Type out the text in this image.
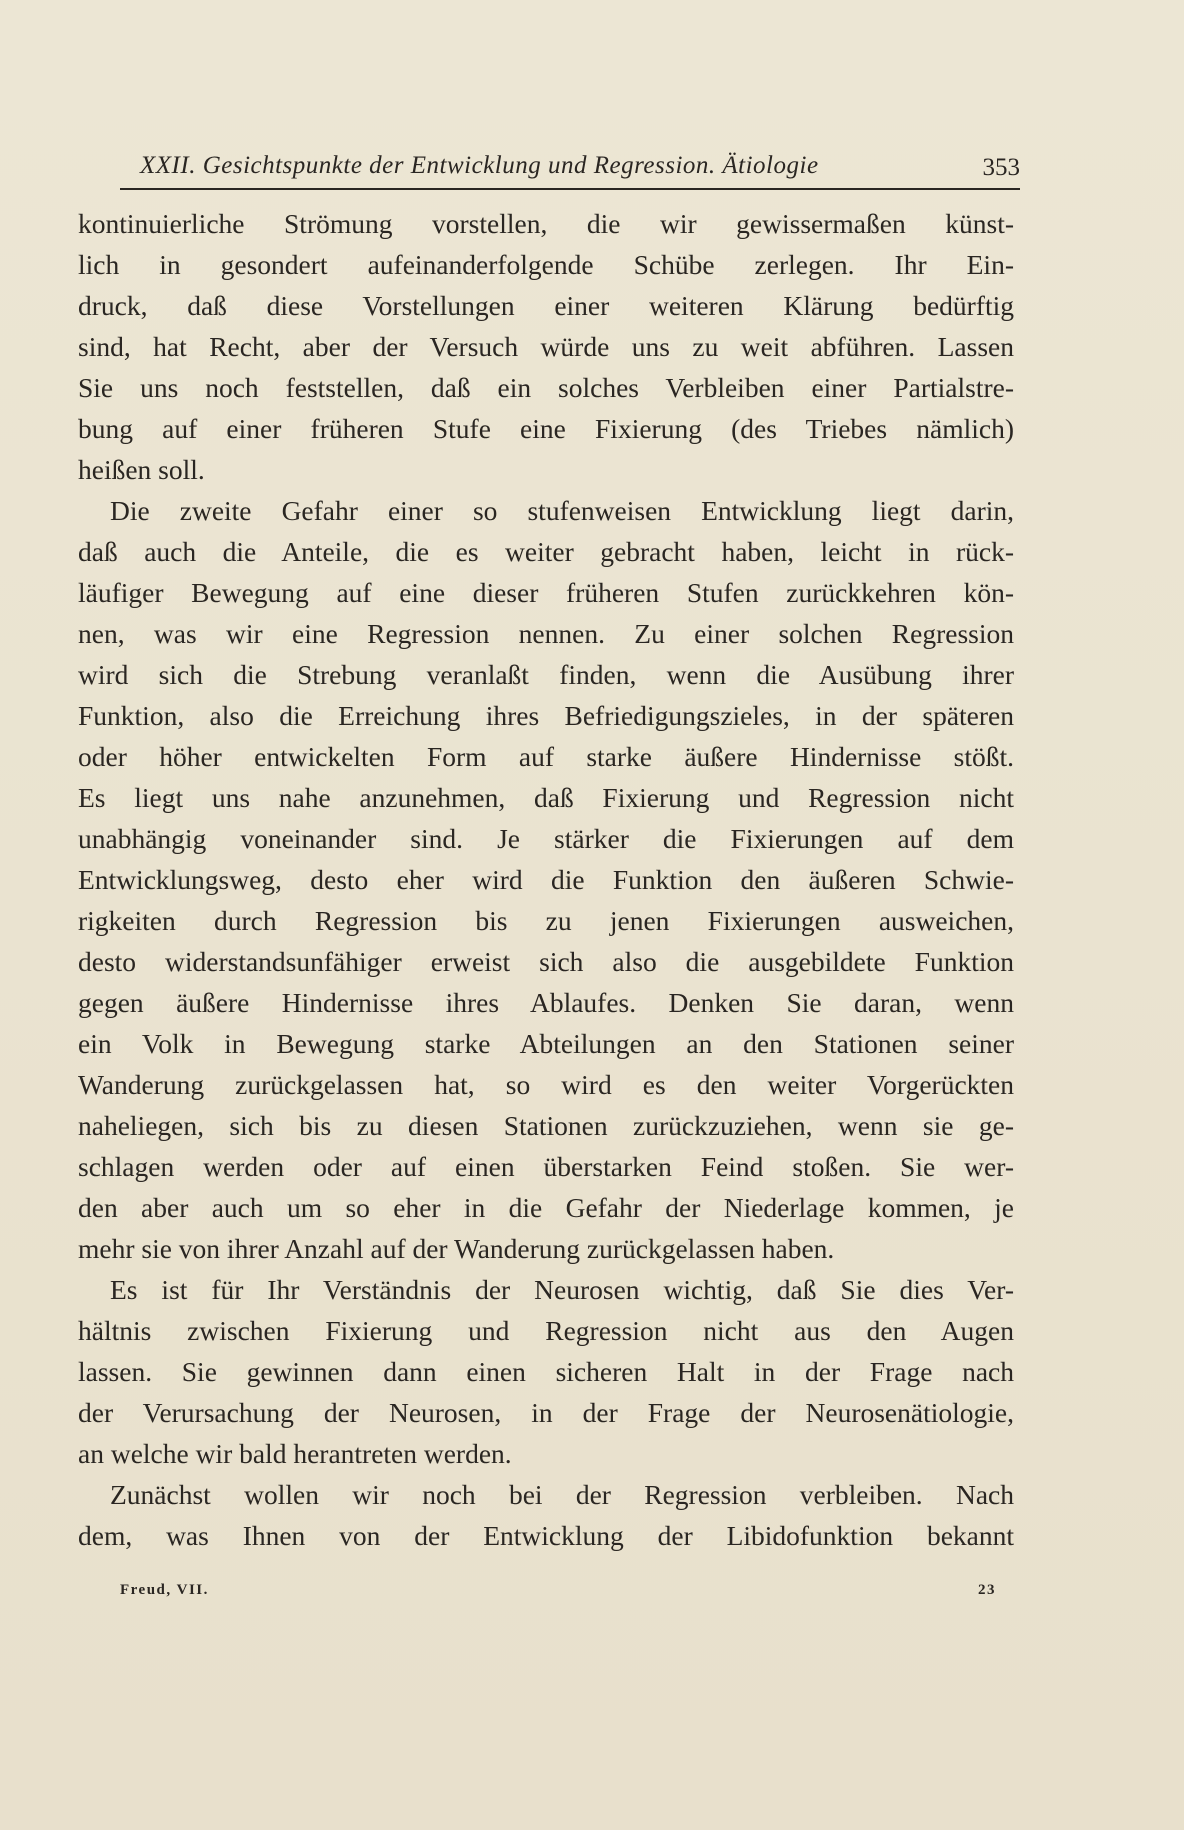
XXII. Gesichtspunkte der Entwicklung und Regression. Ätiologie	353
kontinuierliche Strömung vorstellen, die wir gewissermaßen künst-
lich in gesondert aufeinanderfolgende Schübe zerlegen. Ihr Ein-
druck, daß diese Vorstellungen einer weiteren Klärung bedürftig
sind, hat Recht, aber der Versuch würde uns zu weit abführen. Lassen
Sie uns noch feststellen, daß ein solches Verbleiben einer Partialstre-
bung auf einer früheren Stufe eine Fixierung (des Triebes nämlich)
heißen soll.
Die zweite Gefahr einer so stufenweisen Entwicklung liegt darin,
daß auch die Anteile, die es weiter gebracht haben, leicht in rück-
läufiger Bewegung auf eine dieser früheren Stufen zurückkehren kön-
nen, was wir eine Regression nennen. Zu einer solchen Regression
wird sich die Strebung veranlaßt finden, wenn die Ausübung ihrer
Funktion, also die Erreichung ihres Befriedigungszieles, in der späteren
oder höher entwickelten Form auf starke äußere Hindernisse stößt.
Es liegt uns nahe anzunehmen, daß Fixierung und Regression nicht
unabhängig voneinander sind. Je stärker die Fixierungen auf dem
Entwicklungsweg, desto eher wird die Funktion den äußeren Schwie-
rigkeiten durch Regression bis zu jenen Fixierungen ausweichen,
desto widerstandsunfähiger erweist sich also die ausgebildete Funktion
gegen äußere Hindernisse ihres Ablaufes. Denken Sie daran, wenn
ein Volk in Bewegung starke Abteilungen an den Stationen seiner
Wanderung zurückgelassen hat, so wird es den weiter Vorgerückten
naheliegen, sich bis zu diesen Stationen zurückzuziehen, wenn sie ge-
schlagen werden oder auf einen überstarken Feind stoßen. Sie wer-
den aber auch um so eher in die Gefahr der Niederlage kommen, je
mehr sie von ihrer Anzahl auf der Wanderung zurückgelassen haben.
Es ist für Ihr Verständnis der Neurosen wichtig, daß Sie dies Ver-
hältnis zwischen Fixierung und Regression nicht aus den Augen
lassen. Sie gewinnen dann einen sicheren Halt in der Frage nach
der Verursachung der Neurosen, in der Frage der Neurosenätiologie,
an welche wir bald herantreten werden.
Zunächst wollen wir noch bei der Regression verbleiben. Nach
dem, was Ihnen von der Entwicklung der Libidofunktion bekannt
Freud, VII.	23
